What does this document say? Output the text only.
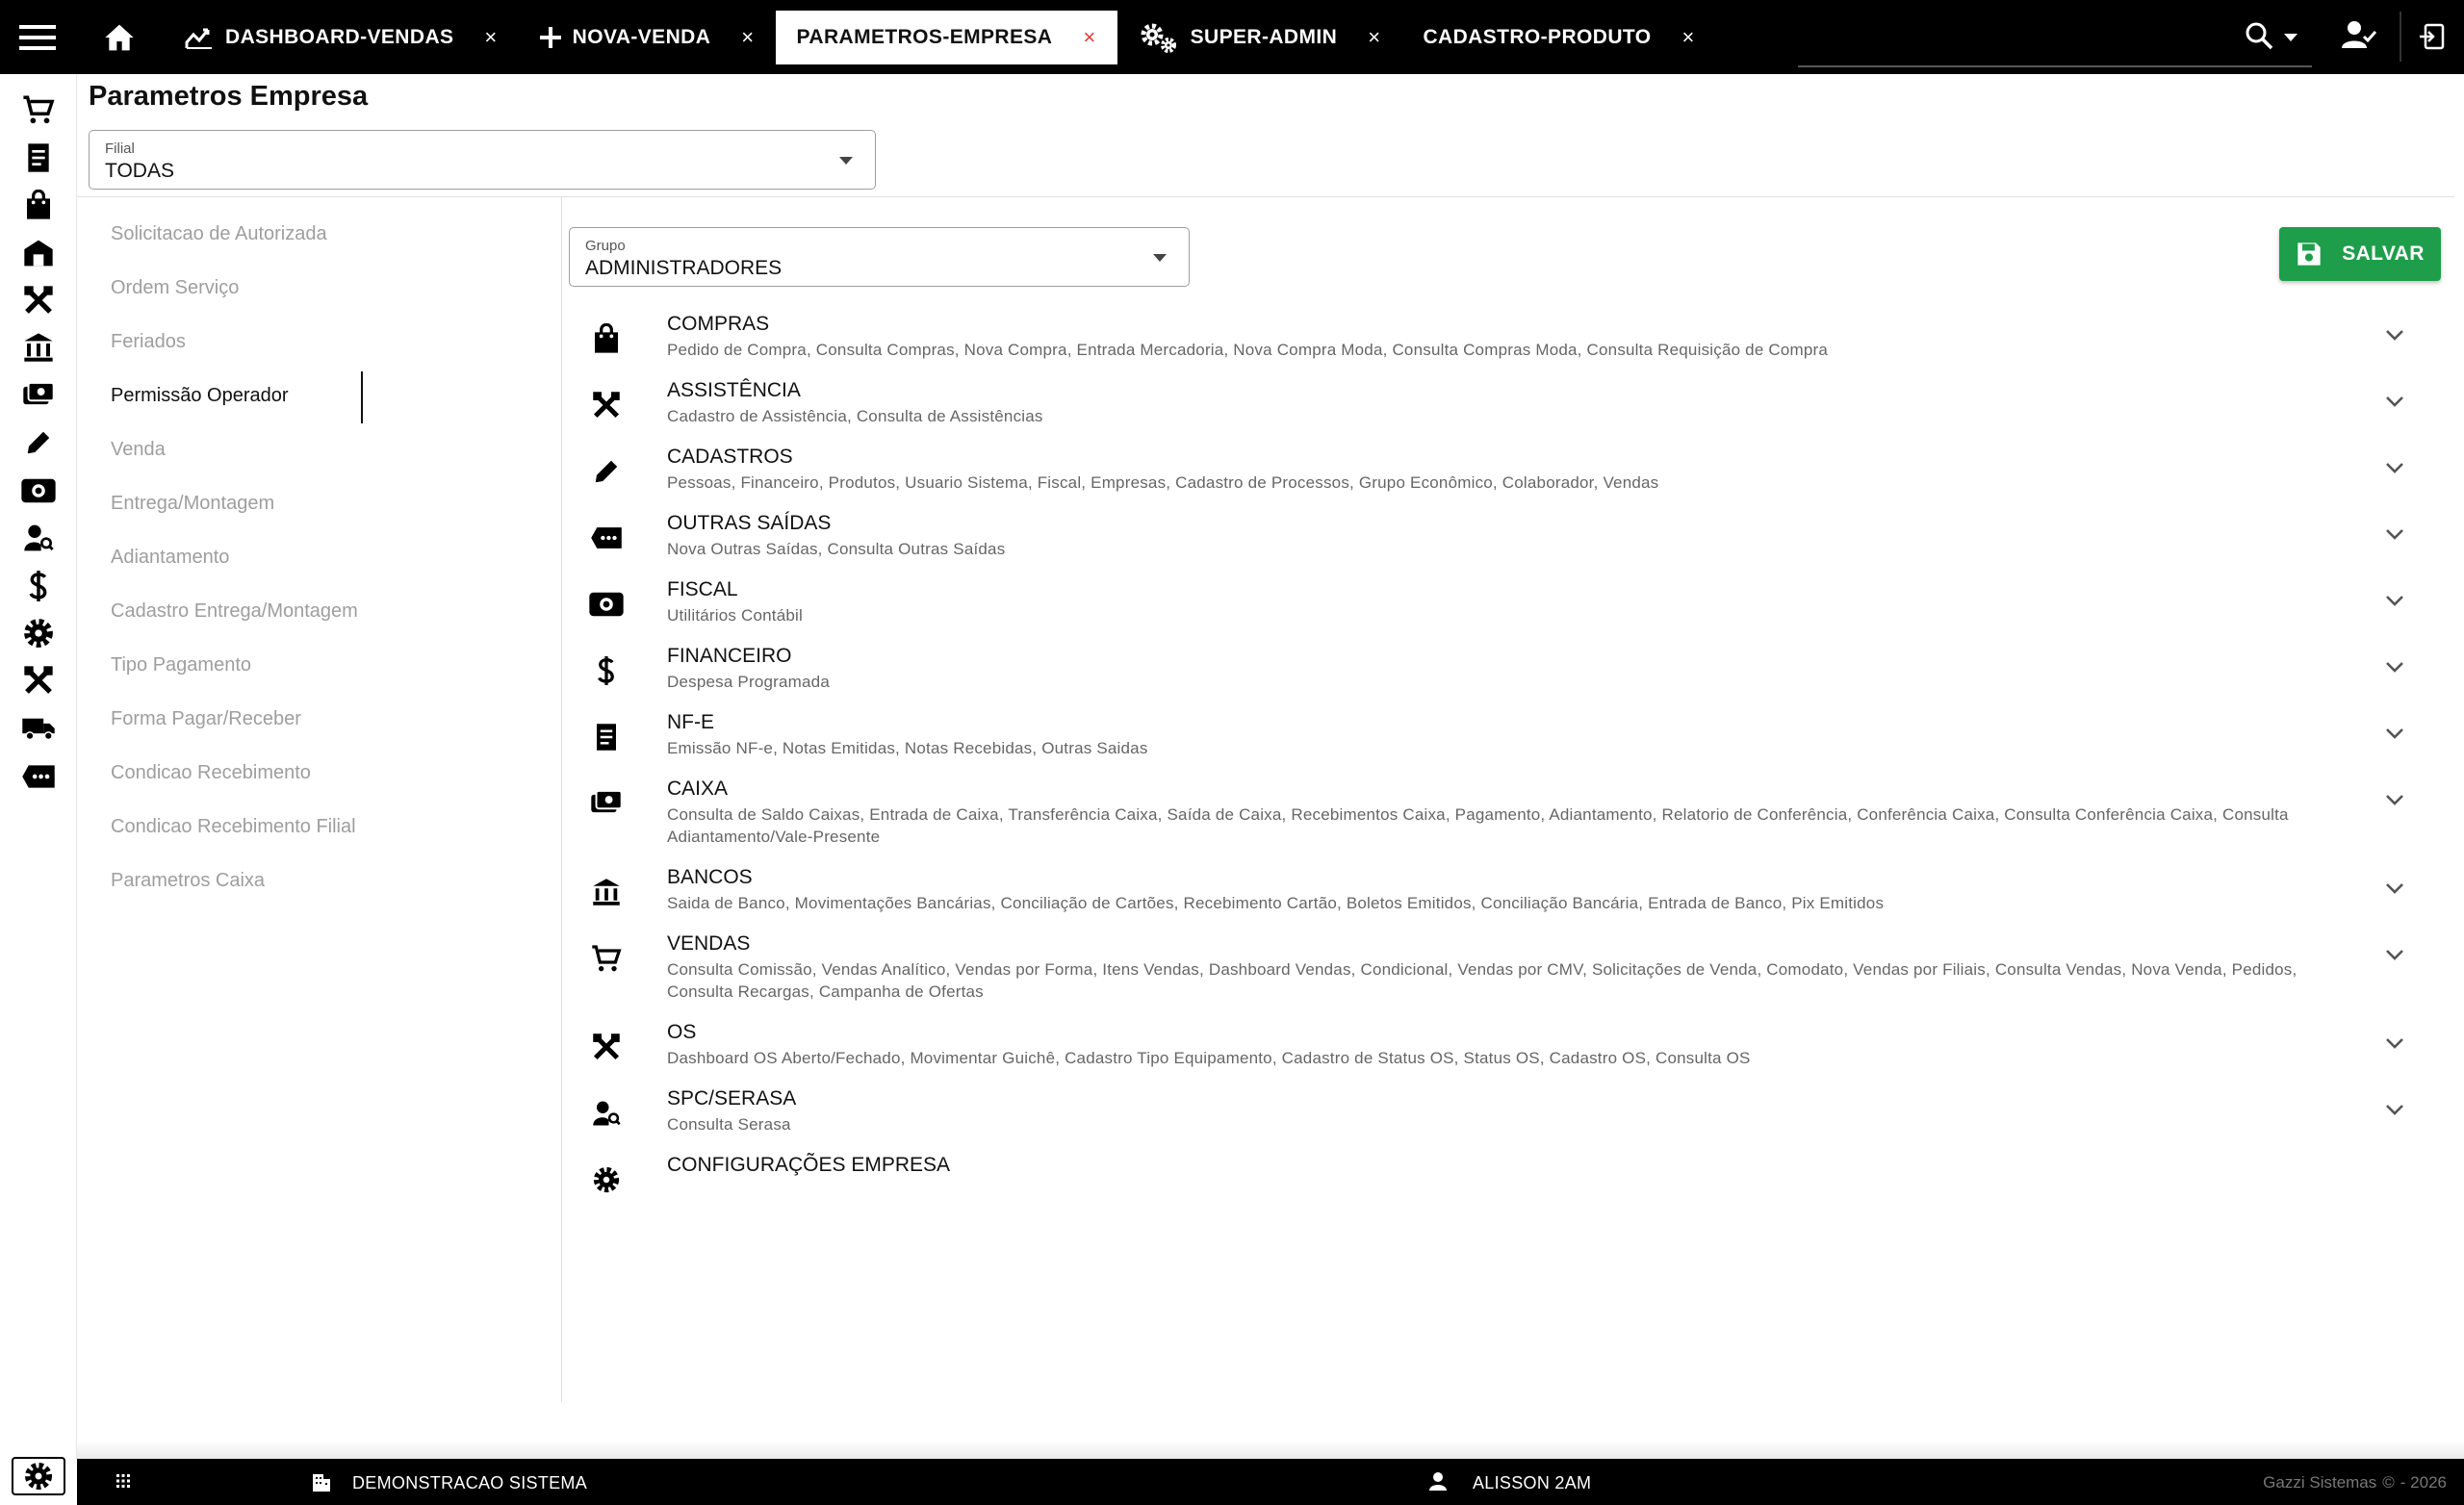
DASHBOARD-VENDAS ×	NOVA-VENDA × PARAMETROS-EMPRESA ×	SUPER-ADMIN × CADASTRO-PRODUTO ×
Parametros Empresa
Filial
TODAS
Solicitacao de Autorizada
Ordem Serviço
Feriados
Permissão Operador
Venda
Entrega/Montagem
Adiantamento
Cadastro Entrega/Montagem
Tipo Pagamento
Forma Pagar/Receber
Condicao Recebimento
Condicao Recebimento Filial
Parametros Caixa
Grupo
ADMINISTRADORES
SALVAR
COMPRAS
Pedido de Compra, Consulta Compras, Nova Compra, Entrada Mercadoria, Nova Compra Moda, Consulta Compras Moda, Consulta Requisição de Compra
ASSISTÊNCIA
Cadastro de Assistência, Consulta de Assistências
CADASTROS
Pessoas, Financeiro, Produtos, Usuario Sistema, Fiscal, Empresas, Cadastro de Processos, Grupo Econômico, Colaborador, Vendas
OUTRAS SAÍDAS
Nova Outras Saídas, Consulta Outras Saídas
FISCAL
Utilitários Contábil
FINANCEIRO
Despesa Programada
NF-E
Emissão NF-e, Notas Emitidas, Notas Recebidas, Outras Saidas
CAIXA
Consulta de Saldo Caixas, Entrada de Caixa, Transferência Caixa, Saída de Caixa, Recebimentos Caixa, Pagamento, Adiantamento, Relatorio de Conferência, Conferência Caixa, Consulta Conferência Caixa, Consulta Adiantamento/Vale-Presente
BANCOS
Saida de Banco, Movimentações Bancárias, Conciliação de Cartões, Recebimento Cartão, Boletos Emitidos, Conciliação Bancária, Entrada de Banco, Pix Emitidos
VENDAS
Consulta Comissão, Vendas Analítico, Vendas por Forma, Itens Vendas, Dashboard Vendas, Condicional, Vendas por CMV, Solicitações de Venda, Comodato, Vendas por Filiais, Consulta Vendas, Nova Venda, Pedidos, Consulta Recargas, Campanha de Ofertas
OS
Dashboard OS Aberto/Fechado, Movimentar Guichê, Cadastro Tipo Equipamento, Cadastro de Status OS, Status OS, Cadastro OS, Consulta OS
SPC/SERASA
Consulta Serasa
CONFIGURAÇÕES EMPRESA
DEMONSTRACAO SISTEMA	ALISSON 2AM	Gazzi Sistemas © - 2026
